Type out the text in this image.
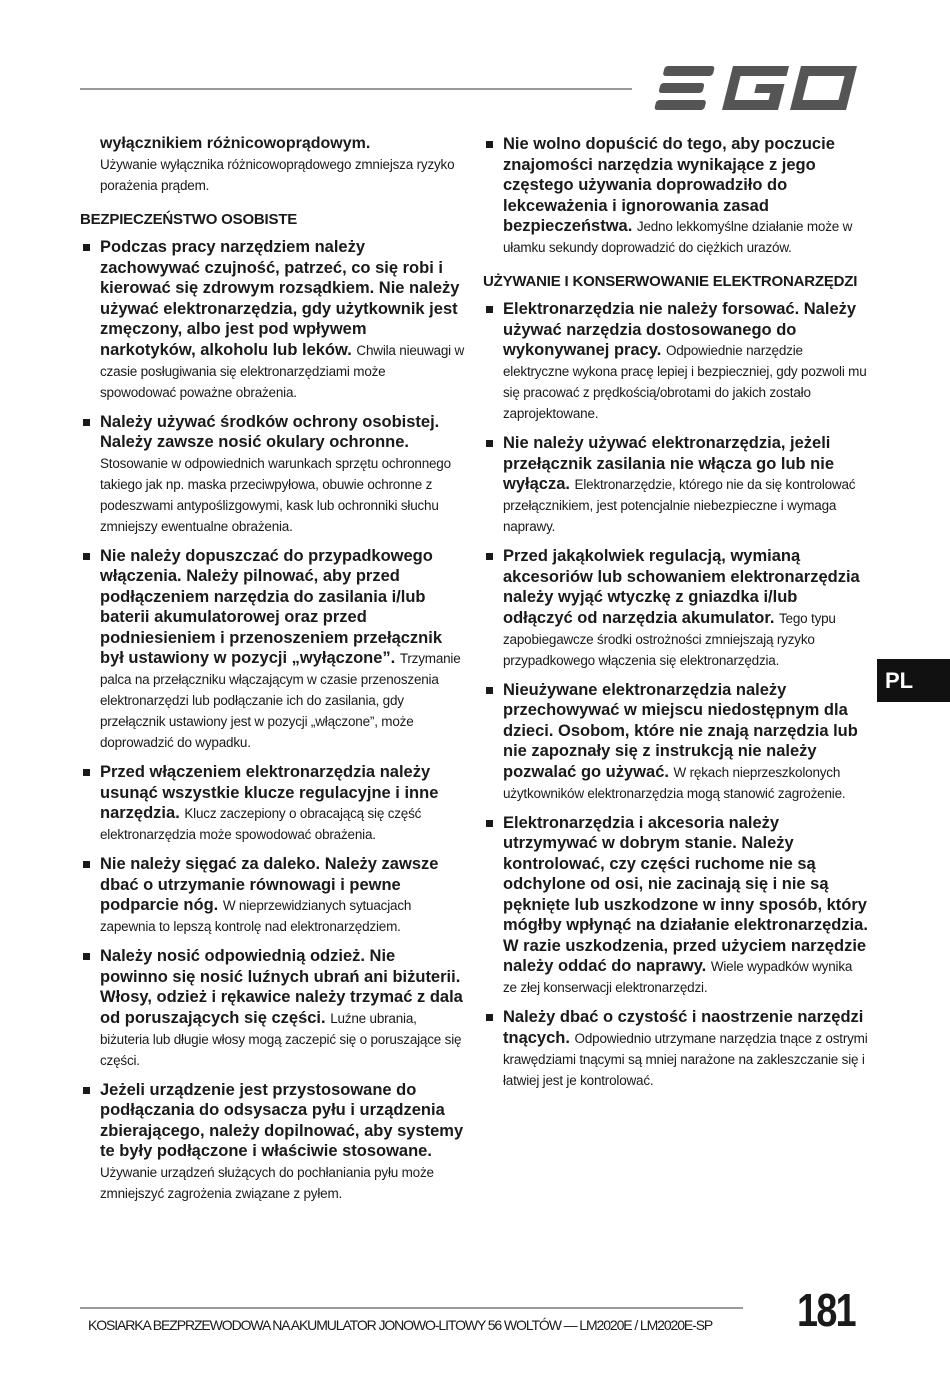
wyłącznikiem różnicowoprądowym.
Używanie wyłącznika różnicowoprądowego zmniejsza ryzyko porażenia prądem.
BEZPIECZEŃSTWO OSOBISTE
Podczas pracy narzędziem należy zachowywać czujność, patrzeć, co się robi i kierować się zdrowym rozsądkiem. Nie należy używać elektronarzędzia, gdy użytkownik jest zmęczony, albo jest pod wpływem narkotyków, alkoholu lub leków. Chwila nieuwagi w czasie posługiwania się elektronarzędziami może spowodować poważne obrażenia.
Należy używać środków ochrony osobistej. Należy zawsze nosić okulary ochronne. Stosowanie w odpowiednich warunkach sprzętu ochronnego takiego jak np. maska przeciwpyłowa, obuwie ochronne z podeszwami antypoślizgowymi, kask lub ochronniki słuchu zmniejszy ewentualne obrażenia.
Nie należy dopuszczać do przypadkowego włączenia. Należy pilnować, aby przed podłączeniem narzędzia do zasilania i/lub baterii akumulatorowej oraz przed podniesieniem i przenoszeniem przełącznik był ustawiony w pozycji „wyłączone”. Trzymanie palca na przełączniku włączającym w czasie przenoszenia elektronarzędzi lub podłączanie ich do zasilania, gdy przełącznik ustawiony jest w pozycji „włączone”, może doprowadzić do wypadku.
Przed włączeniem elektronarzędzia należy usunąć wszystkie klucze regulacyjne i inne narzędzia. Klucz zaczepiony o obracającą się część elektronarzędzia może spowodować obrażenia.
Nie należy sięgać za daleko. Należy zawsze dbać o utrzymanie równowagi i pewne podparcie nóg. W nieprzewidzianych sytuacjach zapewnia to lepszą kontrolę nad elektronarzędziem.
Należy nosić odpowiednią odzież. Nie powinno się nosić luźnych ubrań ani biżuterii. Włosy, odzież i rękawice należy trzymać z dala od poruszających się części. Luźne ubrania, biżuteria lub długie włosy mogą zaczepić się o poruszające się części.
Jeżeli urządzenie jest przystosowane do podłączania do odsysacza pyłu i urządzenia zbierającego, należy dopilnować, aby systemy te były podłączone i właściwie stosowane. Używanie urządzeń służących do pochłaniania pyłu może zmniejszyć zagrożenia związane z pyłem.
Nie wolno dopuścić do tego, aby poczucie znajomości narzędzia wynikające z jego częstego używania doprowadziło do lekceważenia i ignorowania zasad bezpieczeństwa. Jedno lekkomyślne działanie może w ułamku sekundy doprowadzić do ciężkich urazów.
UŻYWANIE I KONSERWOWANIE ELEKTRONARZĘDZI
Elektronarzędzia nie należy forsować. Należy używać narzędzia dostosowanego do wykonywanej pracy. Odpowiednie narzędzie elektryczne wykona pracę lepiej i bezpieczniej, gdy pozwoli mu się pracować z prędkością/obrotami do jakich zostało zaprojektowane.
Nie należy używać elektronarzędzia, jeżeli przełącznik zasilania nie włącza go lub nie wyłącza. Elektronarzędzie, którego nie da się kontrolować przełącznikiem, jest potencjalnie niebezpieczne i wymaga naprawy.
Przed jakąkolwiek regulacją, wymianą akcesoriów lub schowaniem elektronarzędzia należy wyjąć wtyczkę z gniazdka i/lub odłączyć od narzędzia akumulator. Tego typu zapobiegawcze środki ostrożności zmniejszają ryzyko przypadkowego włączenia się elektronarzędzia.
Nieużywane elektronarzędzia należy przechowywać w miejscu niedostępnym dla dzieci. Osobom, które nie znają narzędzia lub nie zapoznały się z instrukcją nie należy pozwalać go używać. W rękach nieprzeszkolonych użytkowników elektronarzędzia mogą stanowić zagrożenie.
Elektronarzędzia i akcesoria należy utrzymywać w dobrym stanie. Należy kontrolować, czy części ruchome nie są odchylone od osi, nie zacinają się i nie są pęknięte lub uszkodzone w inny sposób, który mógłby wpłynąć na działanie elektronarzędzia. W razie uszkodzenia, przed użyciem narzędzie należy oddać do naprawy. Wiele wypadków wynika ze złej konserwacji elektronarzędzi.
Należy dbać o czystość i naostrzenie narzędzi tnących. Odpowiednio utrzymane narzędzia tnące z ostrymi krawędziami tnącymi są mniej narażone na zakleszczanie się i łatwiej jest je kontrolować.
PL
KOSIARKA BEZPRZEWODOWA NA AKUMULATOR JONOWO-LITOWY 56 WOLTÓW — LM2020E / LM2020E-SP	181
